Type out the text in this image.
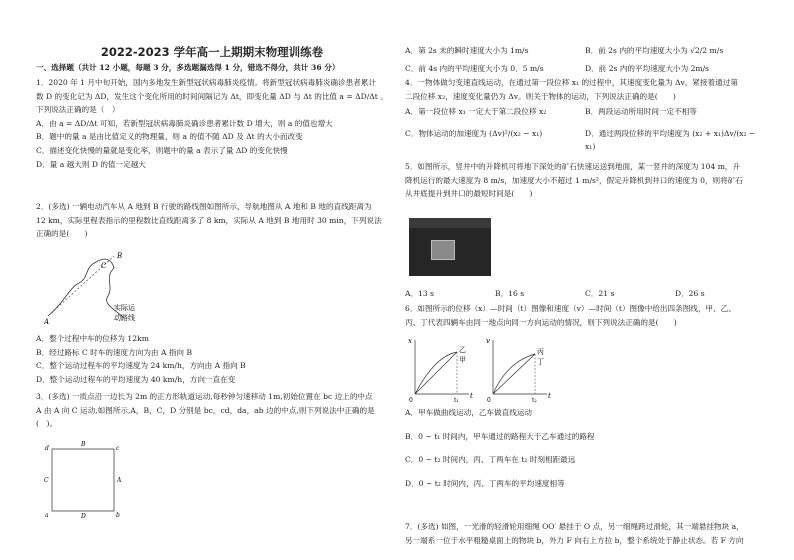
2022-2023 学年高一上期期末物理训练卷

一、选择题（共计 12 小题，每题 3 分，多选题漏选得 1 分，错选不得分，共计 36 分）

1．2020 年 1 月中旬开始，国内多地发生新型冠状病毒肺炎疫情。将新型冠状病毒肺炎确诊患者累计

数 D 的变化记为 ΔD，发生这个变化所用的时间间隔记为 Δt，即变化量 ΔD 与 Δt 的比值 a = ΔD/Δt 。

下列说法正确的是（　）

A．由 a = ΔD/Δt 可知，若新型冠状病毒肺炎确诊患者累计数 D 增大，则 a 的值也增大

B．题中的量 a 是由比值定义的物理量，则 a 的值不随 ΔD 及 Δt 的大小而改变

C．描述变化快慢的量就是变化率，则题中的量 a 表示了量 ΔD 的变化快慢

D．量 a 越大则 D 的值一定越大

2．(多选) 一辆电动汽车从 A 地到 B 行驶的路线图如图所示，导航地图从 A 地和 B 地的直线距离为

12 km，实际里程表指示的里程数比直线距离多了 8 km，实际从 A 地到 B 地用时 30 min，下列说法

正确的是(　　)

A
B
C
实际运
动路线

A．整个过程中车的位移为 12km

B．经过路标 C 时车的速度方向为由 A 指向 B

C．整个运动过程车的平均速度为 24 km/h，方向由 A 指向 B

D．整个运动过程车的平均速度为 40 km/h，方向一直在变

3．(多选) 一质点沿一边长为 2m 的正方形轨道运动,每秒钟匀速移动 1m,初始位置在 bc 边上的中点

A 由 A 向 C 运动,如图所示,A，B，C，D 分别是 bc，cd，da，ab 边的中点,则下列说法中正确的是

(　)。

d
a
c
b
B
D
C	A
A．第 2s 末的瞬时速度大小为 1m/s	B．前 2s 内的平均速度大小为 √2/2 m/s
C．前 4s 内的平均速度大小为 0．5 m/s	D．前 2s 内的平均速度大小为 2m/s

4．一物体做匀变速直线运动，在通过第一段位移 x₁ 的过程中，其速度变化量为 Δv，紧接着通过第

二段位移 x₂，速度变化量仍为 Δv。则关于物体的运动，下列说法正确的是(　　)

A．第一段位移 x₁ 一定大于第二段位移 x₂	B．两段运动所用时间一定不相等
C．物体运动的加速度为 (Δv)²/(x₂ − x₁)	D．通过两段位移的平均速度为 (x₂ + x₁)Δv/(x₂ − x₁)

5．如图所示，竖井中的升降机可将地下深处的矿石快速运送到地面，某一竖井的深度为 104 m，升

降机运行的最大速度为 8 m/s，加速度大小不超过 1 m/s²，假定升降机到井口的速度为 0，则将矿石

从井底提升到井口的最短时间是(　　)

A．13 s	B．16 s	C．21 s	D．26 s

6．如图所示的位移（x）—时间（t）图像和速度（v）—时间（t）图像中给出四条图线，甲、乙、

丙、丁代表四辆车由同一地点向同一方向运动的情况，则下列说法正确的是(　　)

x
t
0	t₁
乙
甲
v
t
0	t₂
丙
丁

A．甲车做曲线运动，乙车做直线运动

B．0 ~ t₁ 时间内，甲车通过的路程大于乙车通过的路程

C．0 ~ t₂ 时间内，丙、丁两车在 t₂ 时刻相距最远

D．0 ~ t₂ 时间内，丙、丁两车的平均速度相等

7．(多选) 如图，一光滑的轻滑轮用细绳 OO′ 悬挂于 O 点，另一细绳跨过滑轮，其一端悬挂物块 a，

另一端系一位于水平粗糙桌面上的物块 b，外力 F 向右上方拉 b，整个系统处于静止状态。若 F 方向
